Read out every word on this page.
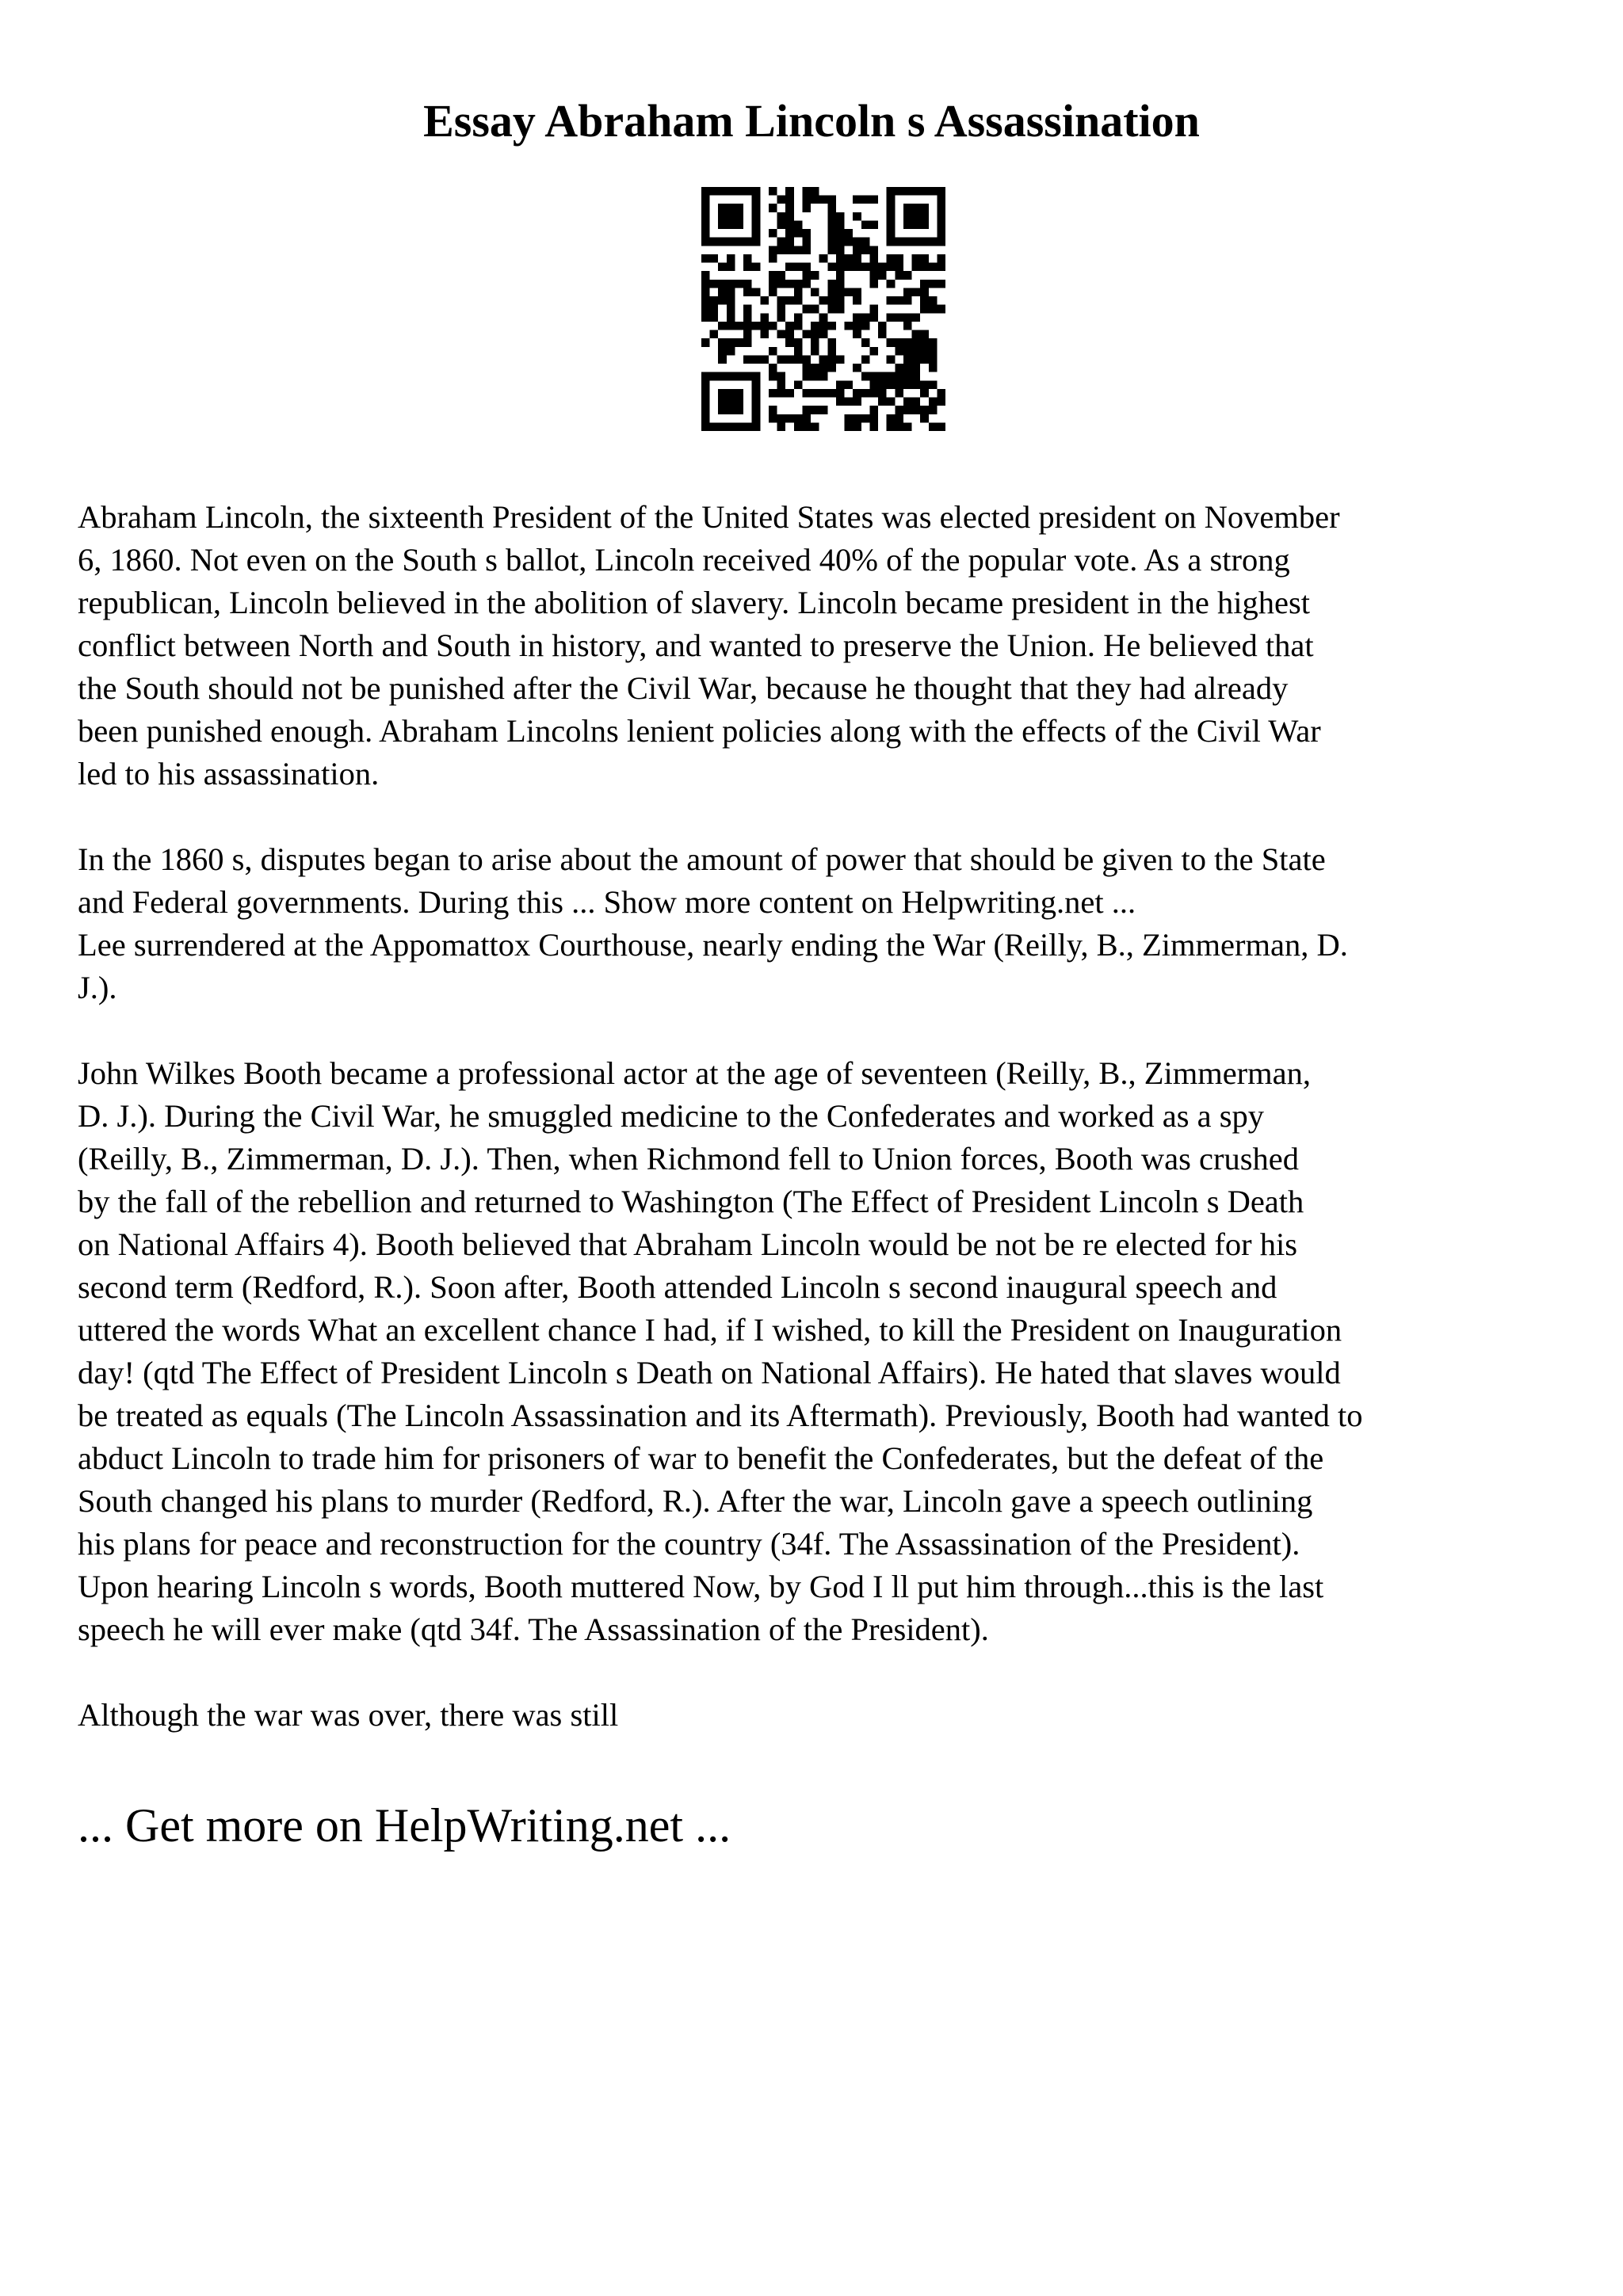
Essay Abraham Lincoln s Assassination

Abraham Lincoln, the sixteenth President of the United States was elected president on November
6, 1860. Not even on the South s ballot, Lincoln received 40% of the popular vote. As a strong
republican, Lincoln believed in the abolition of slavery. Lincoln became president in the highest
conflict between North and South in history, and wanted to preserve the Union. He believed that
the South should not be punished after the Civil War, because he thought that they had already
been punished enough. Abraham Lincolns lenient policies along with the effects of the Civil War
led to his assassination.

In the 1860 s, disputes began to arise about the amount of power that should be given to the State
and Federal governments. During this ... Show more content on Helpwriting.net ...
Lee surrendered at the Appomattox Courthouse, nearly ending the War (Reilly, B., Zimmerman, D.
J.).

John Wilkes Booth became a professional actor at the age of seventeen (Reilly, B., Zimmerman,
D. J.). During the Civil War, he smuggled medicine to the Confederates and worked as a spy
(Reilly, B., Zimmerman, D. J.). Then, when Richmond fell to Union forces, Booth was crushed
by the fall of the rebellion and returned to Washington (The Effect of President Lincoln s Death
on National Affairs 4). Booth believed that Abraham Lincoln would be not be re elected for his
second term (Redford, R.). Soon after, Booth attended Lincoln s second inaugural speech and
uttered the words What an excellent chance I had, if I wished, to kill the President on Inauguration
day! (qtd The Effect of President Lincoln s Death on National Affairs). He hated that slaves would
be treated as equals (The Lincoln Assassination and its Aftermath). Previously, Booth had wanted to
abduct Lincoln to trade him for prisoners of war to benefit the Confederates, but the defeat of the
South changed his plans to murder (Redford, R.). After the war, Lincoln gave a speech outlining
his plans for peace and reconstruction for the country (34f. The Assassination of the President).
Upon hearing Lincoln s words, Booth muttered Now, by God I ll put him through...this is the last
speech he will ever make (qtd 34f. The Assassination of the President).

Although the war was over, there was still

... Get more on HelpWriting.net ...
